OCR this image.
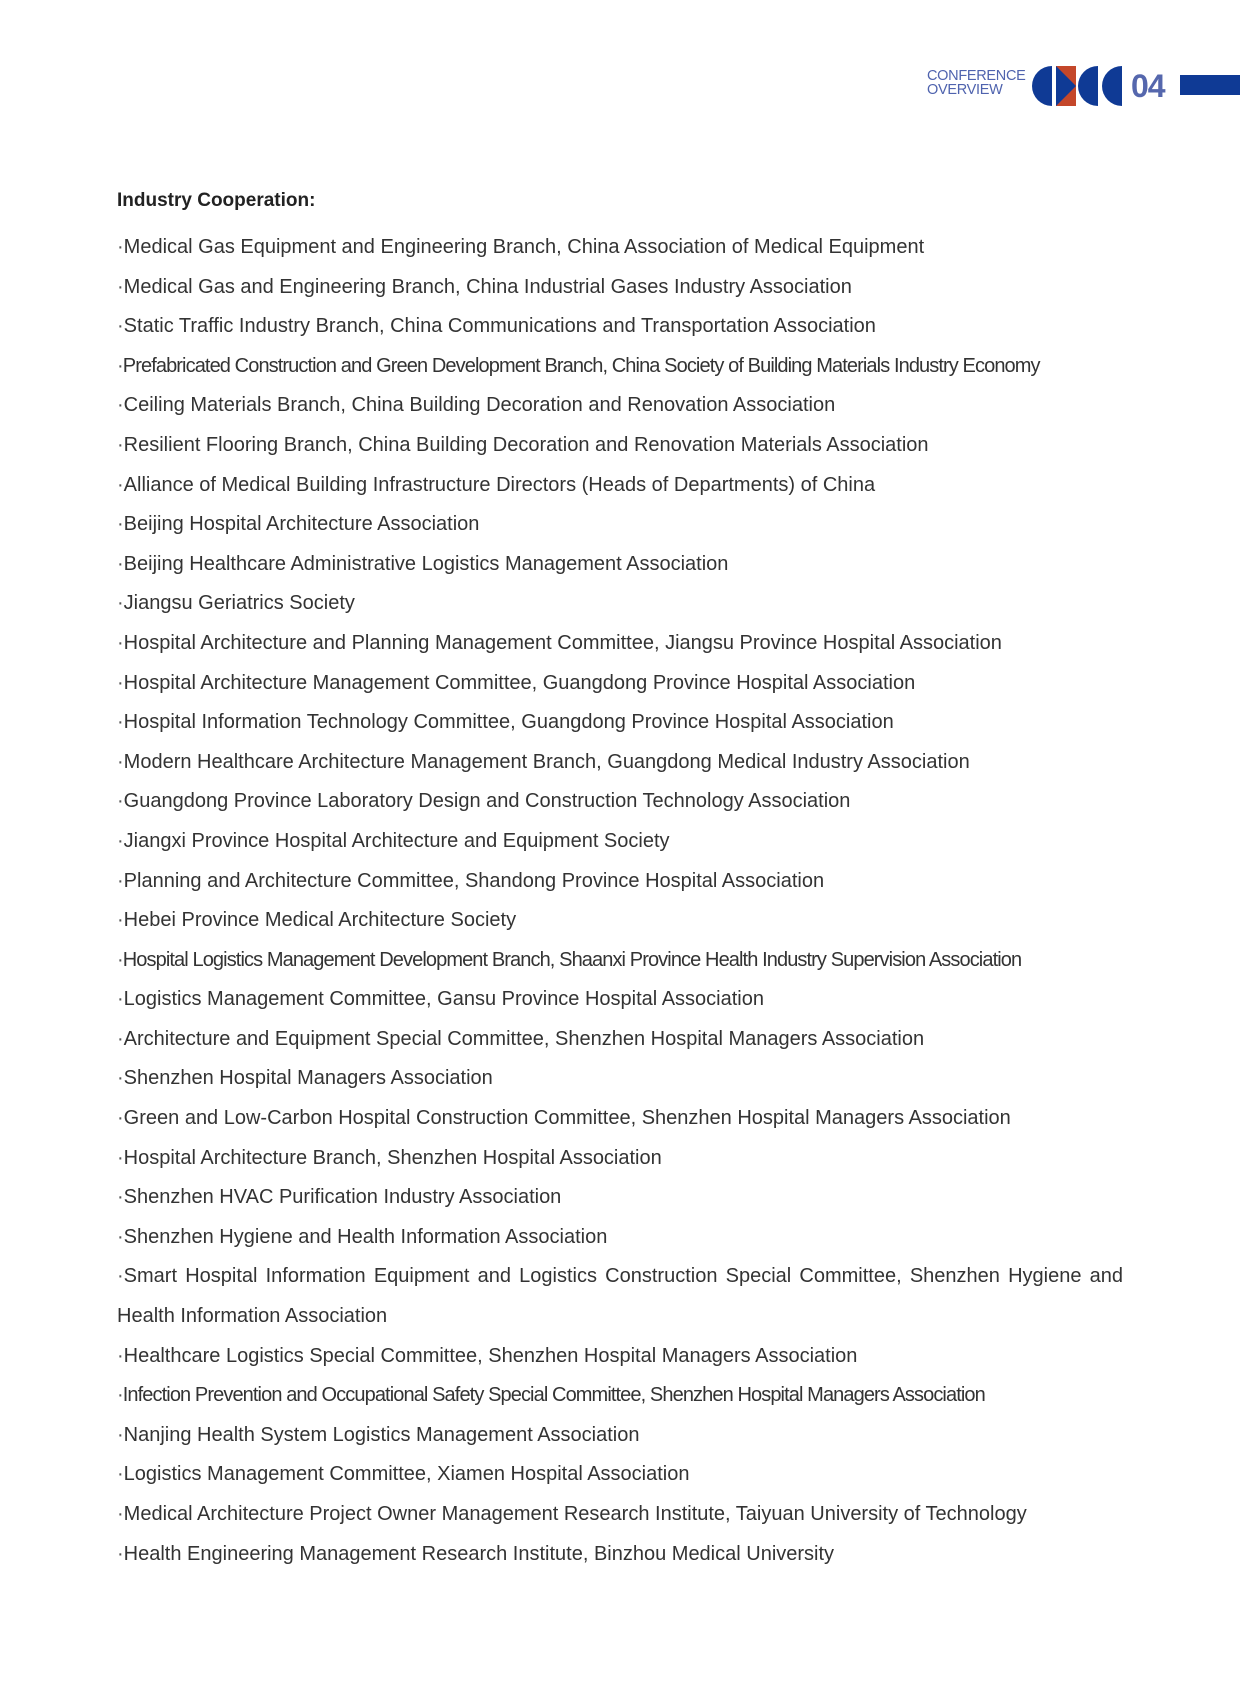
CONFERENCE
OVERVIEW	04
Industry Cooperation:
·Medical Gas Equipment and Engineering Branch, China Association of Medical Equipment
·Medical Gas and Engineering Branch, China Industrial Gases Industry Association
·Static Traffic Industry Branch, China Communications and Transportation Association
·Prefabricated Construction and Green Development Branch, China Society of Building Materials Industry Economy
·Ceiling Materials Branch, China Building Decoration and Renovation Association
·Resilient Flooring Branch, China Building Decoration and Renovation Materials Association
·Alliance of Medical Building Infrastructure Directors (Heads of Departments) of China
·Beijing Hospital Architecture Association
·Beijing Healthcare Administrative Logistics Management Association
·Jiangsu Geriatrics Society
·Hospital Architecture and Planning Management Committee, Jiangsu Province Hospital Association
·Hospital Architecture Management Committee, Guangdong Province Hospital Association
·Hospital Information Technology Committee, Guangdong Province Hospital Association
·Modern Healthcare Architecture Management Branch, Guangdong Medical Industry Association
·Guangdong Province Laboratory Design and Construction Technology Association
·Jiangxi Province Hospital Architecture and Equipment Society
·Planning and Architecture Committee, Shandong Province Hospital Association
·Hebei Province Medical Architecture Society
·Hospital Logistics Management Development Branch, Shaanxi Province Health Industry Supervision Association
·Logistics Management Committee, Gansu Province Hospital Association
·Architecture and Equipment Special Committee, Shenzhen Hospital Managers Association
·Shenzhen Hospital Managers Association
·Green and Low-Carbon Hospital Construction Committee, Shenzhen Hospital Managers Association
·Hospital Architecture Branch, Shenzhen Hospital Association
·Shenzhen HVAC Purification Industry Association
·Shenzhen Hygiene and Health Information Association
·Smart Hospital Information Equipment and Logistics Construction Special Committee, Shenzhen Hygiene and Health Information Association
·Healthcare Logistics Special Committee, Shenzhen Hospital Managers Association
·Infection Prevention and Occupational Safety Special Committee, Shenzhen Hospital Managers Association
·Nanjing Health System Logistics Management Association
·Logistics Management Committee, Xiamen Hospital Association
·Medical Architecture Project Owner Management Research Institute, Taiyuan University of Technology
·Health Engineering Management Research Institute, Binzhou Medical University
